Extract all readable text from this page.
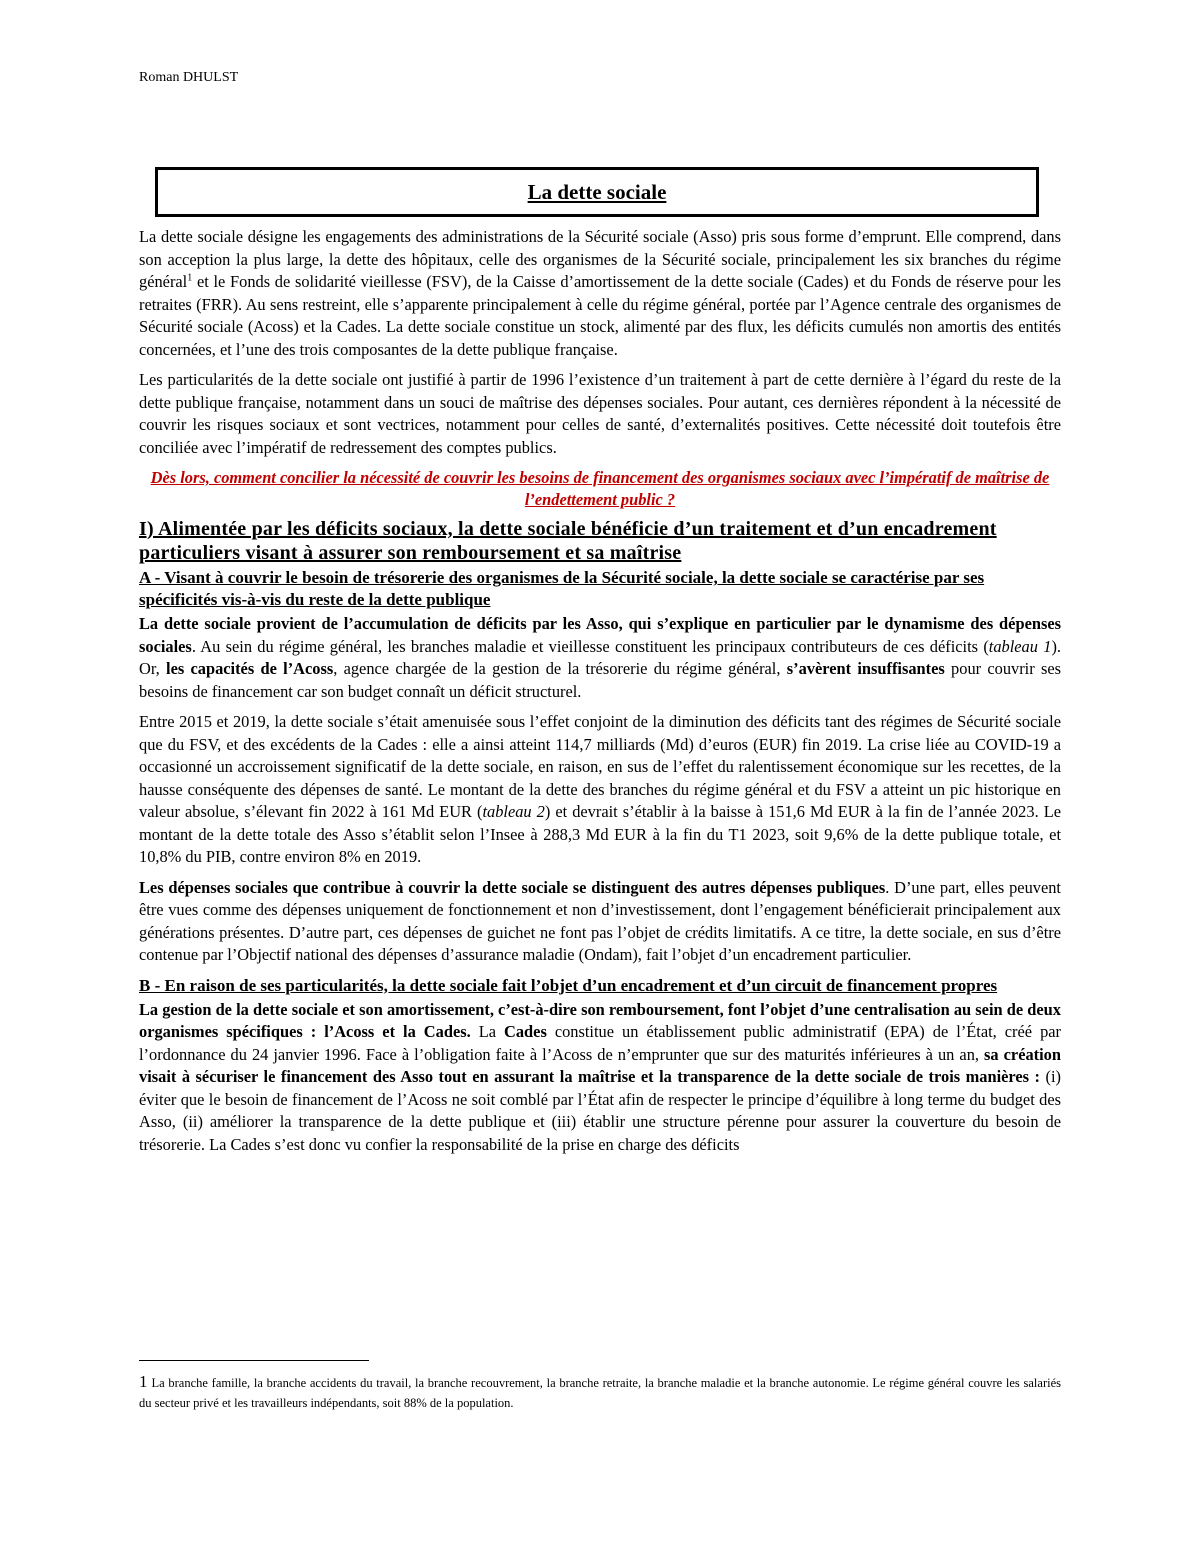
Roman DHULST
La dette sociale

La dette sociale désigne les engagements des administrations de la Sécurité sociale (Asso) pris sous forme d’emprunt. Elle comprend, dans son acception la plus large, la dette des hôpitaux, celle des organismes de la Sécurité sociale, principalement les six branches du régime général$^1$ et le Fonds de solidarité vieillesse (FSV), de la Caisse d’amortissement de la dette sociale (Cades) et du Fonds de réserve pour les retraites (FRR). Au sens restreint, elle s’apparente principalement à celle du régime général, portée par l’Agence centrale des organismes de Sécurité sociale (Acoss) et la Cades. La dette sociale constitue un stock, alimenté par des flux, les déficits cumulés non amortis des entités concernées, et l’une des trois composantes de la dette publique française.

Les particularités de la dette sociale ont justifié à partir de 1996 l’existence d’un traitement à part de cette dernière à l’égard du reste de la dette publique française, notamment dans un souci de maîtrise des dépenses sociales. Pour autant, ces dernières répondent à la nécessité de couvrir les risques sociaux et sont vectrices, notamment pour celles de santé, d’externalités positives. Cette nécessité doit toutefois être conciliée avec l’impératif de redressement des comptes publics.

Dès lors, comment concilier la nécessité de couvrir les besoins de financement des organismes sociaux avec l’impératif de maîtrise de l’endettement public ?

I) Alimentée par les déficits sociaux, la dette sociale bénéficie d’un traitement et d’un encadrement particuliers visant à assurer son remboursement et sa maîtrise
A - Visant à couvrir le besoin de trésorerie des organismes de la Sécurité sociale, la dette sociale se caractérise par ses spécificités vis-à-vis du reste de la dette publique

La dette sociale provient de l’accumulation de déficits par les Asso, qui s’explique en particulier par le dynamisme des dépenses sociales. Au sein du régime général, les branches maladie et vieillesse constituent les principaux contributeurs de ces déficits (tableau 1). Or, les capacités de l’Acoss, agence chargée de la gestion de la trésorerie du régime général, s’avèrent insuffisantes pour couvrir ses besoins de financement car son budget connaît un déficit structurel.

Entre 2015 et 2019, la dette sociale s’était amenuisée sous l’effet conjoint de la diminution des déficits tant des régimes de Sécurité sociale que du FSV, et des excédents de la Cades : elle a ainsi atteint 114,7 milliards (Md) d’euros (EUR) fin 2019. La crise liée au COVID-19 a occasionné un accroissement significatif de la dette sociale, en raison, en sus de l’effet du ralentissement économique sur les recettes, de la hausse conséquente des dépenses de santé. Le montant de la dette des branches du régime général et du FSV a atteint un pic historique en valeur absolue, s’élevant fin 2022 à 161 Md EUR (tableau 2) et devrait s’établir à la baisse à 151,6 Md EUR à la fin de l’année 2023. Le montant de la dette totale des Asso s’établit selon l’Insee à 288,3 Md EUR à la fin du T1 2023, soit 9,6% de la dette publique totale, et 10,8% du PIB, contre environ 8% en 2019.

Les dépenses sociales que contribue à couvrir la dette sociale se distinguent des autres dépenses publiques. D’une part, elles peuvent être vues comme des dépenses uniquement de fonctionnement et non d’investissement, dont l’engagement bénéficierait principalement aux générations présentes. D’autre part, ces dépenses de guichet ne font pas l’objet de crédits limitatifs. A ce titre, la dette sociale, en sus d’être contenue par l’Objectif national des dépenses d’assurance maladie (Ondam), fait l’objet d’un encadrement particulier.

B - En raison de ses particularités, la dette sociale fait l’objet d’un encadrement et d’un circuit de financement propres

La gestion de la dette sociale et son amortissement, c’est-à-dire son remboursement, font l’objet d’une centralisation au sein de deux organismes spécifiques : l’Acoss et la Cades. La Cades constitue un établissement public administratif (EPA) de l’État, créé par l’ordonnance du 24 janvier 1996. Face à l’obligation faite à l’Acoss de n’emprunter que sur des maturités inférieures à un an, sa création visait à sécuriser le financement des Asso tout en assurant la maîtrise et la transparence de la dette sociale de trois manières : (i) éviter que le besoin de financement de l’Acoss ne soit comblé par l’État afin de respecter le principe d’équilibre à long terme du budget des Asso, (ii) améliorer la transparence de la dette publique et (iii) établir une structure pérenne pour assurer la couverture du besoin de trésorerie. La Cades s’est donc vu confier la responsabilité de la prise en charge des déficits

1 La branche famille, la branche accidents du travail, la branche recouvrement, la branche retraite, la branche maladie et la branche autonomie. Le régime général couvre les salariés du secteur privé et les travailleurs indépendants, soit 88% de la population.
